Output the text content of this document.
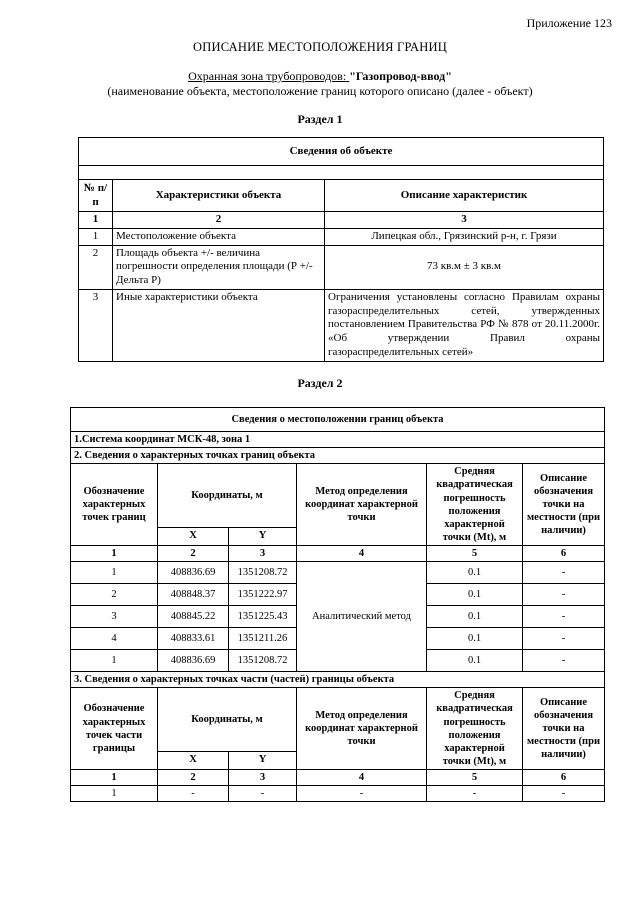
Приложение 123
ОПИСАНИЕ МЕСТОПОЛОЖЕНИЯ ГРАНИЦ
Охранная зона трубопроводов: "Газопровод-ввод"
(наименование объекта, местоположение границ которого описано (далее - объект)
Раздел 1
Сведения об объекте		

№ п/п	Характеристики объекта	Описание характеристик
1	2	3
1	Местоположение объекта	Липецкая обл., Грязинский р-н, г. Грязи
2	Площадь объекта +/- величина погрешности определения площади (Р +/- Дельта Р)	73 кв.м ± 3 кв.м
3	Иные характеристики объекта	Ограничения установлены согласно Правилам охраны газораспределительных сетей, утвержденных постановлением Правительства РФ № 878 от 20.11.2000г. «Об утверждении Правил охраны газораспределительных сетей»
Раздел 2
Сведения о местоположении границ объекта					
1.Система координат МСК-48, зона 1					
2. Сведения о характерных точках границ объекта					
Обозначение характерных точек границ	Координаты, м		Метод определения координат характерной точки	Средняя квадратическая погрешность положения характерной точки (Mt), м	Описание обозначения точки на местности (при наличии)
	X	Y			
1	2	3	4	5	6
1	408836.69	1351208.72	Аналитический метод	0.1	-
2	408848.37	1351222.97		0.1	-
3	408845.22	1351225.43		0.1	-
4	408833.61	1351211.26		0.1	-
1	408836.69	1351208.72		0.1	-
3. Сведения о характерных точках части (частей) границы объекта					
Обозначение характерных точек части границы	Координаты, м		Метод определения координат характерной точки	Средняя квадратическая погрешность положения характерной точки (Mt), м	Описание обозначения точки на местности (при наличии)
	X	Y			
1	2	3	4	5	6
1	-	-	-	-	-
